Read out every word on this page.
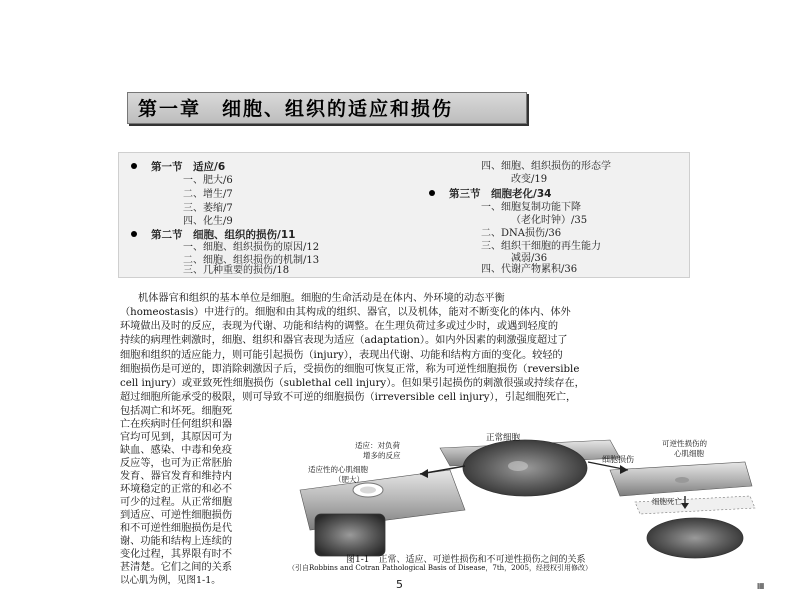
第一章　细胞、组织的适应和损伤
第一节　适应/6
一、肥大/6
二、增生/7
三、萎缩/7
四、化生/9
第二节　细胞、组织的损伤/11
一、细胞、组织损伤的原因/12
二、细胞、组织损伤的机制/13
三、几种重要的损伤/18
四、细胞、组织损伤的形态学
改变/19
第三节　细胞老化/34
一、细胞复制功能下降
（老化时钟）/35
二、DNA损伤/36
三、组织干细胞的再生能力
减弱/36
四、代谢产物累积/36
机体器官和组织的基本单位是细胞。细胞的生命活动是在体内、外环境的动态平衡
（homeostasis）中进行的。细胞和由其构成的组织、器官，以及机体，能对不断变化的体内、体外
环境做出及时的反应，表现为代谢、功能和结构的调整。在生理负荷过多或过少时，或遇到轻度的
持续的病理性刺激时，细胞、组织和器官表现为适应（adaptation）。如内外因素的刺激强度超过了
细胞和组织的适应能力，则可能引起损伤（injury），表现出代谢、功能和结构方面的变化。较轻的
细胞损伤是可逆的，即消除刺激因子后，受损伤的细胞可恢复正常，称为可逆性细胞损伤（reversible
cell injury）或亚致死性细胞损伤（sublethal cell injury）。但如果引起损伤的刺激很强或持续存在，
超过细胞所能承受的极限，则可导致不可逆的细胞损伤（irreversible cell injury），引起细胞死亡，
包括凋亡和坏死。细胞死
亡在疾病时任何组织和器
官均可见到，其原因可为
缺血、感染、中毒和免疫
反应等，也可为正常胚胎
发育、器官发育和维持内
环境稳定的正常的和必不
可少的过程。从正常细胞
到适应、可逆性细胞损伤
和不可逆性细胞损伤是代
谢、功能和结构上连续的
变化过程，其界限有时不
甚清楚。它们之间的关系
以心肌为例，见图1-1。
正常细胞
适应：对负荷
增多的反应
适应性的心肌细胞
（肥大）
细胞损伤
可逆性损伤的
心肌细胞
细胞死亡
图1-1　正常、适应、可逆性损伤和不可逆性损伤之间的关系
（引自Robbins and Cotran Pathological Basis of Disease，7th，2005，经授权引用修改）
5	▦
